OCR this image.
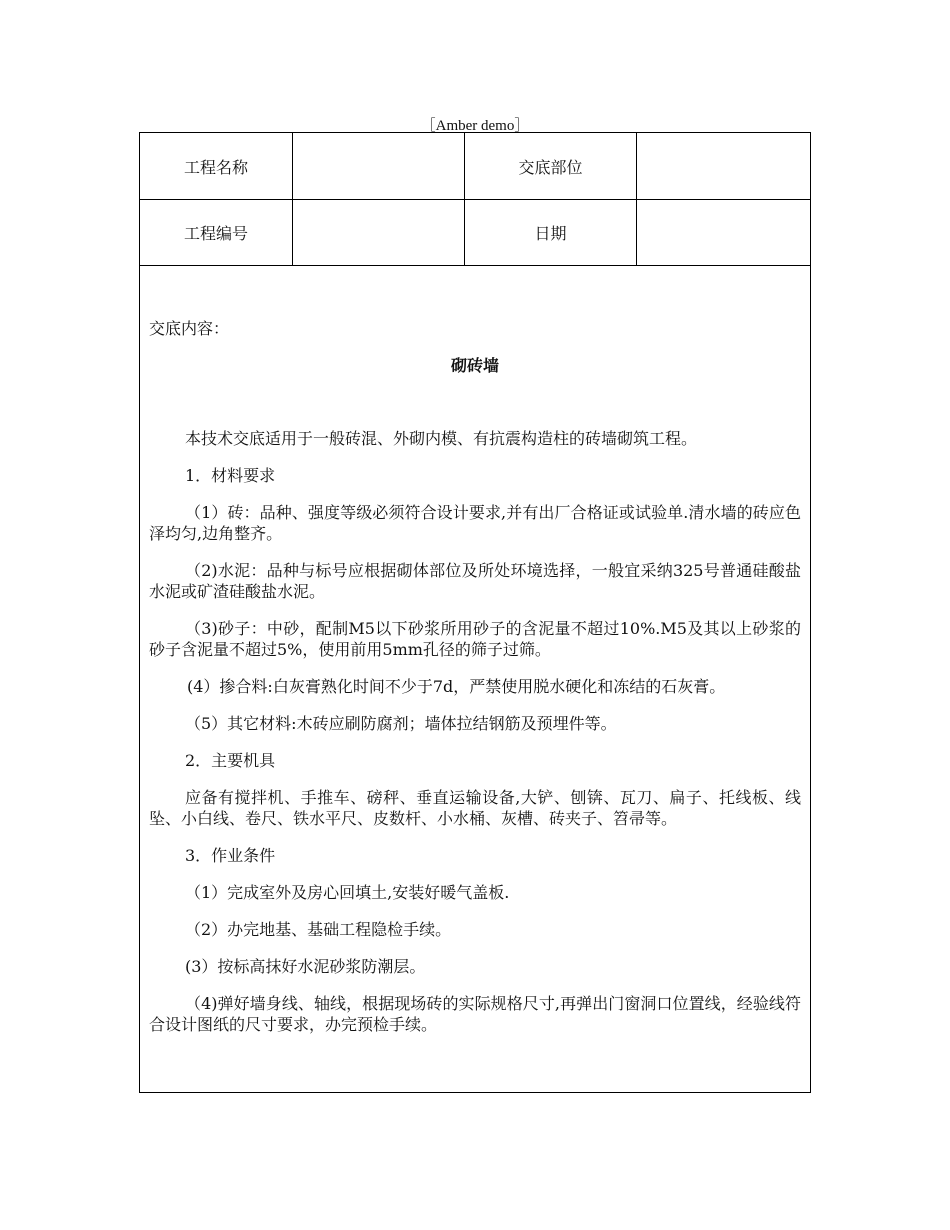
［Amber demo］
工程名称	交底部位
工程编号	日期
交底内容：
砌砖墙

本技术交底适用于一般砖混、外砌内模、有抗震构造柱的砖墙砌筑工程。

1．材料要求

（1）砖：品种、强度等级必须符合设计要求,并有出厂合格证或试验单.清水墙的砖应色泽均匀,边角整齐。

（2)水泥：品种与标号应根据砌体部位及所处环境选择，一般宜采纳325号普通硅酸盐水泥或矿渣硅酸盐水泥。

（3)砂子：中砂，配制M5以下砂浆所用砂子的含泥量不超过10%.M5及其以上砂浆的砂子含泥量不超过5%，使用前用5mm孔径的筛子过筛。

(4）掺合料:白灰膏熟化时间不少于7d，严禁使用脱水硬化和冻结的石灰膏。

（5）其它材料:木砖应刷防腐剂；墙体拉结钢筋及预埋件等。

2．主要机具

应备有搅拌机、手推车、磅秤、垂直运输设备,大铲、刨锛、瓦刀、扁子、托线板、线坠、小白线、卷尺、铁水平尺、皮数杆、小水桶、灰槽、砖夹子、笤帚等。

3．作业条件

（1）完成室外及房心回填土,安装好暖气盖板.

（2）办完地基、基础工程隐检手续。

(3）按标高抹好水泥砂浆防潮层。

（4)弹好墙身线、轴线，根据现场砖的实际规格尺寸,再弹出门窗洞口位置线，经验线符合设计图纸的尺寸要求，办完预检手续。
